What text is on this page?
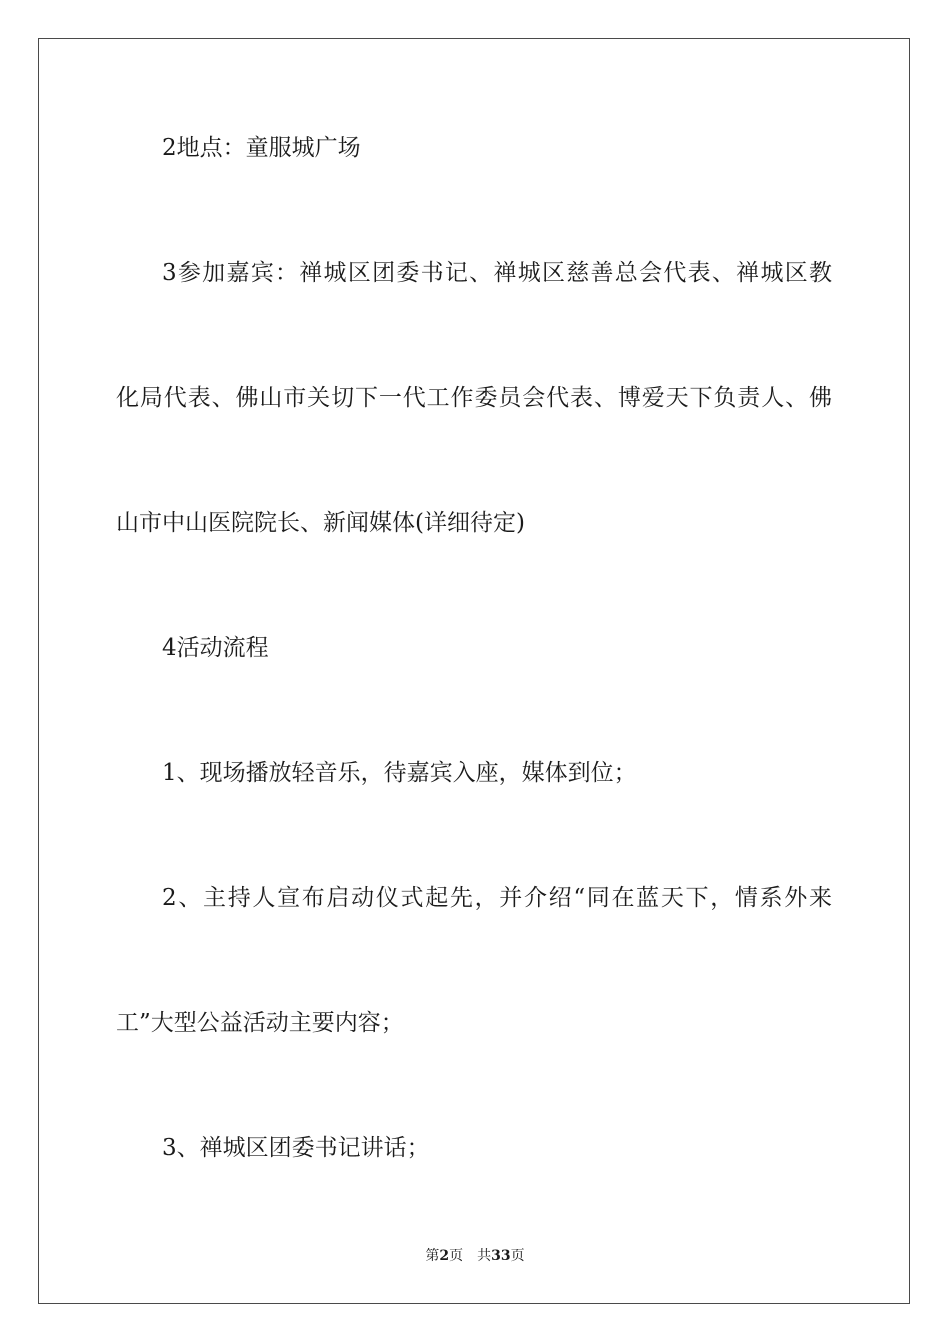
2地点：童服城广场
3参加嘉宾：禅城区团委书记、禅城区慈善总会代表、禅城区教
化局代表、佛山市关切下一代工作委员会代表、博爱天下负责人、佛
山市中山医院院长、新闻媒体(详细待定)
4活动流程
1、现场播放轻音乐，待嘉宾入座，媒体到位；
2、主持人宣布启动仪式起先，并介绍“同在蓝天下，情系外来
工”大型公益活动主要内容；
3、禅城区团委书记讲话；
第2页 共33页
